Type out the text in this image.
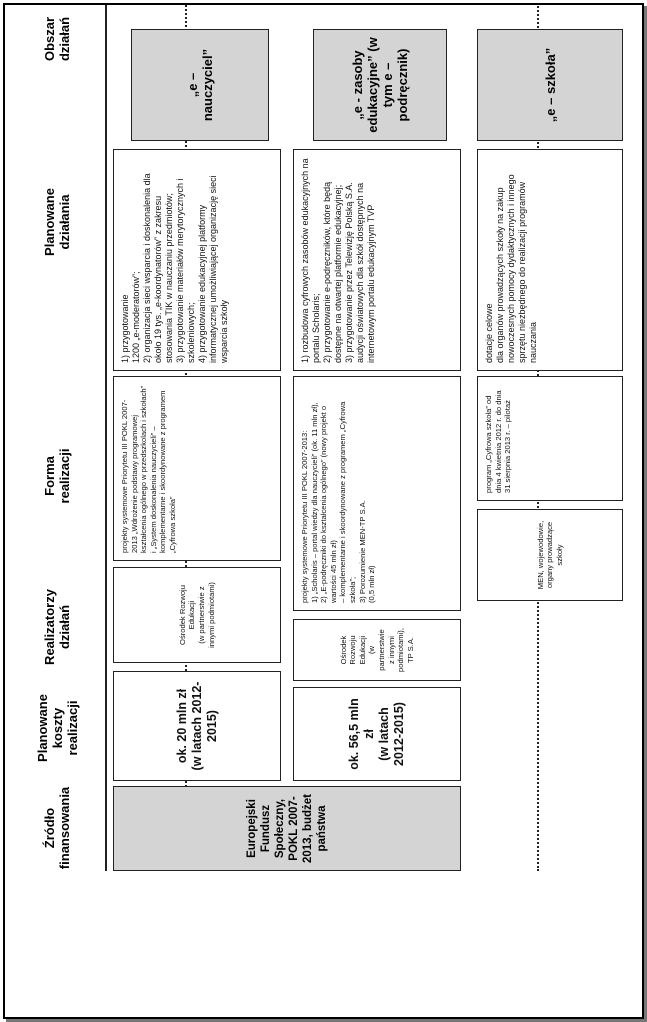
Obszar
działań
Planowane
działania
Forma
realizacji
Realizatorzy
działań
Planowane
koszty
realizacji
Źródło
finansowania
„e – nauczyciel”
1) przygotowanie
1200 „e-moderatorów”;
2) organizacja sieci wsparcia i doskonalenia dla około 19 tys. „e-koordynatorów” z zakresu stosowania TIK w nauczaniu przedmiotów;
3) przygotowanie materiałów merytorycznych i szkoleniowych;
4) przygotowanie edukacyjnej platformy informatycznej umożliwiającej organizację sieci wsparcia szkoły
projekty systemowe Priorytetu III POKL 2007-2013 „Wdrożenie podstawy programowej kształcenia ogólnego w przedszkolach i szkołach” i „System doskonalenia nauczycieli” – komplementarne i skoordynowane z programem „Cyfrowa szkoła”
Ośrodek Rozwoju Edukacji
(w partnerstwie z innymi podmiotami)
ok. 20 mln zł
(w latach 2012-2015)
„e - zasoby edukacyjne” (w tym e – podręcznik)
1) rozbudowa cyfrowych zasobów edukacyjnych na portalu Scholaris;
2) przygotowanie e-podręczników, które będą dostępne na otwartej platformie edukacyjnej;
3) przygotowanie przez Telewizję Polską S.A. audycji oświatowych dla szkół dostępnych na internetowym portalu edukacyjnym TVP
projekty systemowe Priorytetu III POKL 2007-2013:
1) „Scholaris – portal wiedzy dla nauczycieli” (ok. 11 mln zł),
2) „E-podręczniki do kształcenia ogólnego” (nowy projekt o wartości 45 mln zł)
– komplementarne i skoordynowane z programem „Cyfrowa szkoła”;
3) Porozumienie MEN-TP S.A.
(0,5 mln zł)
Ośrodek Rozwoju Edukacji
(w partnerstwie z innymi podmiotami), TP S.A.
ok. 56,5 mln zł
(w latach 2012-2015)
Europejski Fundusz Społeczny, POKL 2007-2013, budżet państwa
„e – szkoła”
dotacje celowe
dla organów prowadzących szkoły na zakup nowoczesnych pomocy dydaktycznych i innego sprzętu niezbędnego do realizacji programów nauczania
program „Cyfrowa szkoła” od dnia 4 kwietnia 2012 r. do dnia 31 sierpnia 2013 r. – pilotaż
MEN, wojewodowie, organy prowadzące szkoły
